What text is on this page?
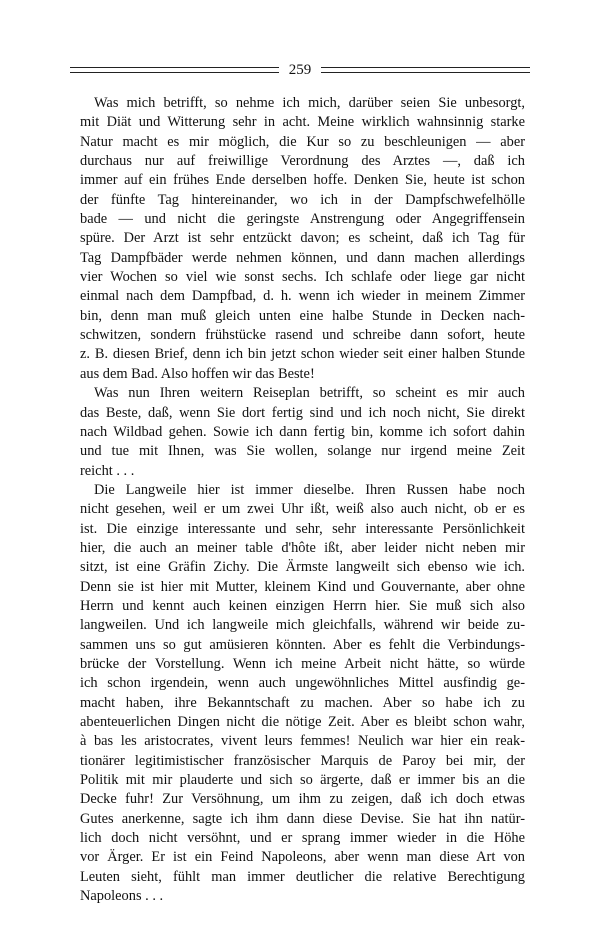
259

Was mich betrifft, so nehme ich mich, darüber seien Sie unbesorgt,
mit Diät und Witterung sehr in acht. Meine wirklich wahnsinnig starke
Natur macht es mir möglich, die Kur so zu beschleunigen — aber
durchaus nur auf freiwillige Verordnung des Arztes —, daß ich
immer auf ein frühes Ende derselben hoffe. Denken Sie, heute ist schon
der fünfte Tag hintereinander, wo ich in der Dampfschwefelhölle
bade — und nicht die geringste Anstrengung oder Angegriffensein
spüre. Der Arzt ist sehr entzückt davon; es scheint, daß ich Tag für
Tag Dampfbäder werde nehmen können, und dann machen allerdings
vier Wochen so viel wie sonst sechs. Ich schlafe oder liege gar nicht
einmal nach dem Dampfbad, d. h. wenn ich wieder in meinem Zimmer
bin, denn man muß gleich unten eine halbe Stunde in Decken nach-
schwitzen, sondern frühstücke rasend und schreibe dann sofort, heute
z. B. diesen Brief, denn ich bin jetzt schon wieder seit einer halben Stunde
aus dem Bad. Also hoffen wir das Beste!

Was nun Ihren weitern Reiseplan betrifft, so scheint es mir auch
das Beste, daß, wenn Sie dort fertig sind und ich noch nicht, Sie direkt
nach Wildbad gehen. Sowie ich dann fertig bin, komme ich sofort dahin
und tue mit Ihnen, was Sie wollen, solange nur irgend meine Zeit
reicht . . .

Die Langweile hier ist immer dieselbe. Ihren Russen habe noch
nicht gesehen, weil er um zwei Uhr ißt, weiß also auch nicht, ob er es
ist. Die einzige interessante und sehr, sehr interessante Persönlichkeit
hier, die auch an meiner table d'hôte ißt, aber leider nicht neben mir
sitzt, ist eine Gräfin Zichy. Die Ärmste langweilt sich ebenso wie ich.
Denn sie ist hier mit Mutter, kleinem Kind und Gouvernante, aber ohne
Herrn und kennt auch keinen einzigen Herrn hier. Sie muß sich also
langweilen. Und ich langweile mich gleichfalls, während wir beide zu-
sammen uns so gut amüsieren könnten. Aber es fehlt die Verbindungs-
brücke der Vorstellung. Wenn ich meine Arbeit nicht hätte, so würde
ich schon irgendein, wenn auch ungewöhnliches Mittel ausfindig ge-
macht haben, ihre Bekanntschaft zu machen. Aber so habe ich zu
abenteuerlichen Dingen nicht die nötige Zeit. Aber es bleibt schon wahr,
à bas les aristocrates, vivent leurs femmes! Neulich war hier ein reak-
tionärer legitimistischer französischer Marquis de Paroy bei mir, der
Politik mit mir plauderte und sich so ärgerte, daß er immer bis an die
Decke fuhr! Zur Versöhnung, um ihm zu zeigen, daß ich doch etwas
Gutes anerkenne, sagte ich ihm dann diese Devise. Sie hat ihn natür-
lich doch nicht versöhnt, und er sprang immer wieder in die Höhe
vor Ärger. Er ist ein Feind Napoleons, aber wenn man diese Art von
Leuten sieht, fühlt man immer deutlicher die relative Berechtigung
Napoleons . . .
